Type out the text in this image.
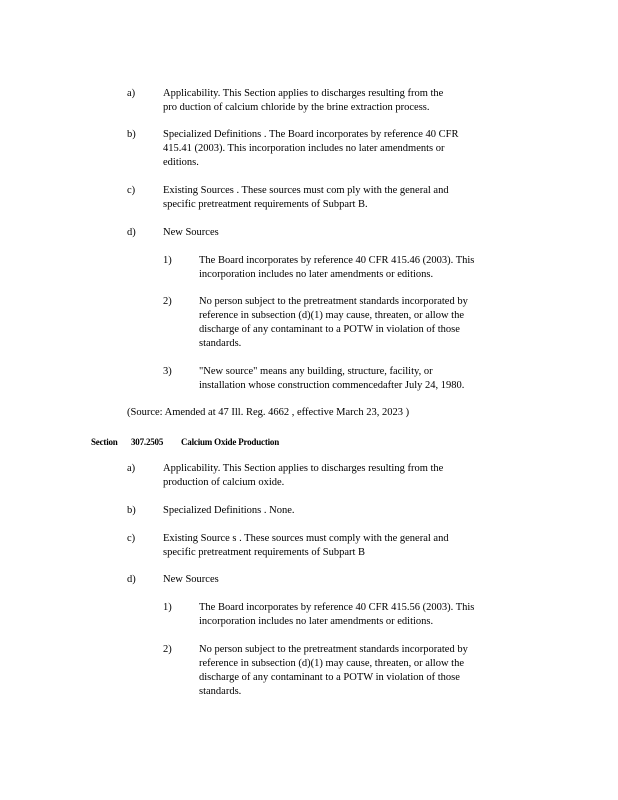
a)	Applicability. This Section applies to discharges resulting from the
pro duction of calcium chloride by the brine extraction process.
b)	Specialized Definitions . The Board incorporates by reference 40 CFR
415.41 (2003). This incorporation includes no later amendments or
editions.
c)	Existing Sources . These sources must com ply with the general and
specific pretreatment requirements of Subpart B.
d)	New Sources
1)	The Board incorporates by reference 40 CFR 415.46 (2003). This
incorporation includes no later amendments or editions.
2)	No person subject to the pretreatment standards incorporated by
reference in subsection (d)(1) may cause, threaten, or allow the
discharge of any contaminant to a POTW in violation of those
standards.
3)	"New source" means any building, structure, facility, or
installation whose construction commencedafter July 24, 1980.
(Source: Amended at 47 Ill. Reg. 4662 , effective March 23, 2023 )
Section 307.2505 Calcium Oxide Production
a)	Applicability. This Section applies to discharges resulting from the
production of calcium oxide.
b)	Specialized Definitions . None.
c)	Existing Source s . These sources must comply with the general and
specific pretreatment requirements of Subpart B
d)	New Sources
1)	The Board incorporates by reference 40 CFR 415.56 (2003). This
incorporation includes no later amendments or editions.
2)	No person subject to the pretreatment standards incorporated by
reference in subsection (d)(1) may cause, threaten, or allow the
discharge of any contaminant to a POTW in violation of those
standards.
